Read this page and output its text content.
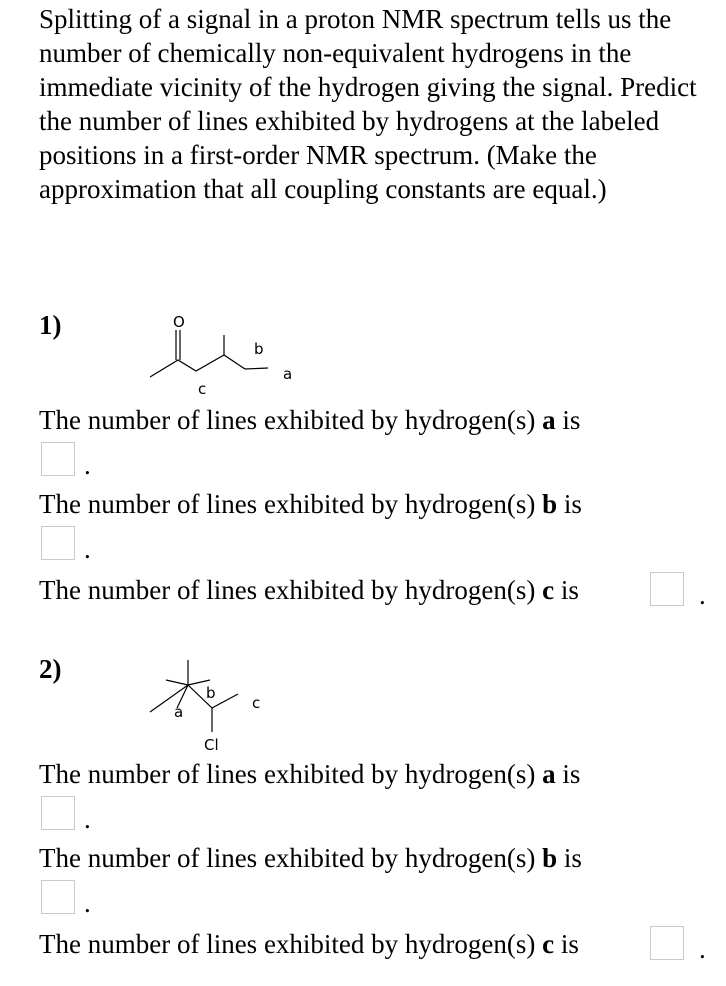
Splitting of a signal in a proton NMR spectrum tells us the number of chemically non-equivalent hydrogens in the immediate vicinity of the hydrogen giving the signal. Predict the number of lines exhibited by hydrogens at the labeled positions in a first-order NMR spectrum. (Make the approximation that all coupling constants are equal.)

1)	O
b
a
c

The number of lines exhibited by hydrogen(s) a is

.

The number of lines exhibited by hydrogen(s) b is

.

The number of lines exhibited by hydrogen(s) c is	.
2)
a
b
c
Cl

The number of lines exhibited by hydrogen(s) a is

.

The number of lines exhibited by hydrogen(s) b is

.

The number of lines exhibited by hydrogen(s) c is	.
